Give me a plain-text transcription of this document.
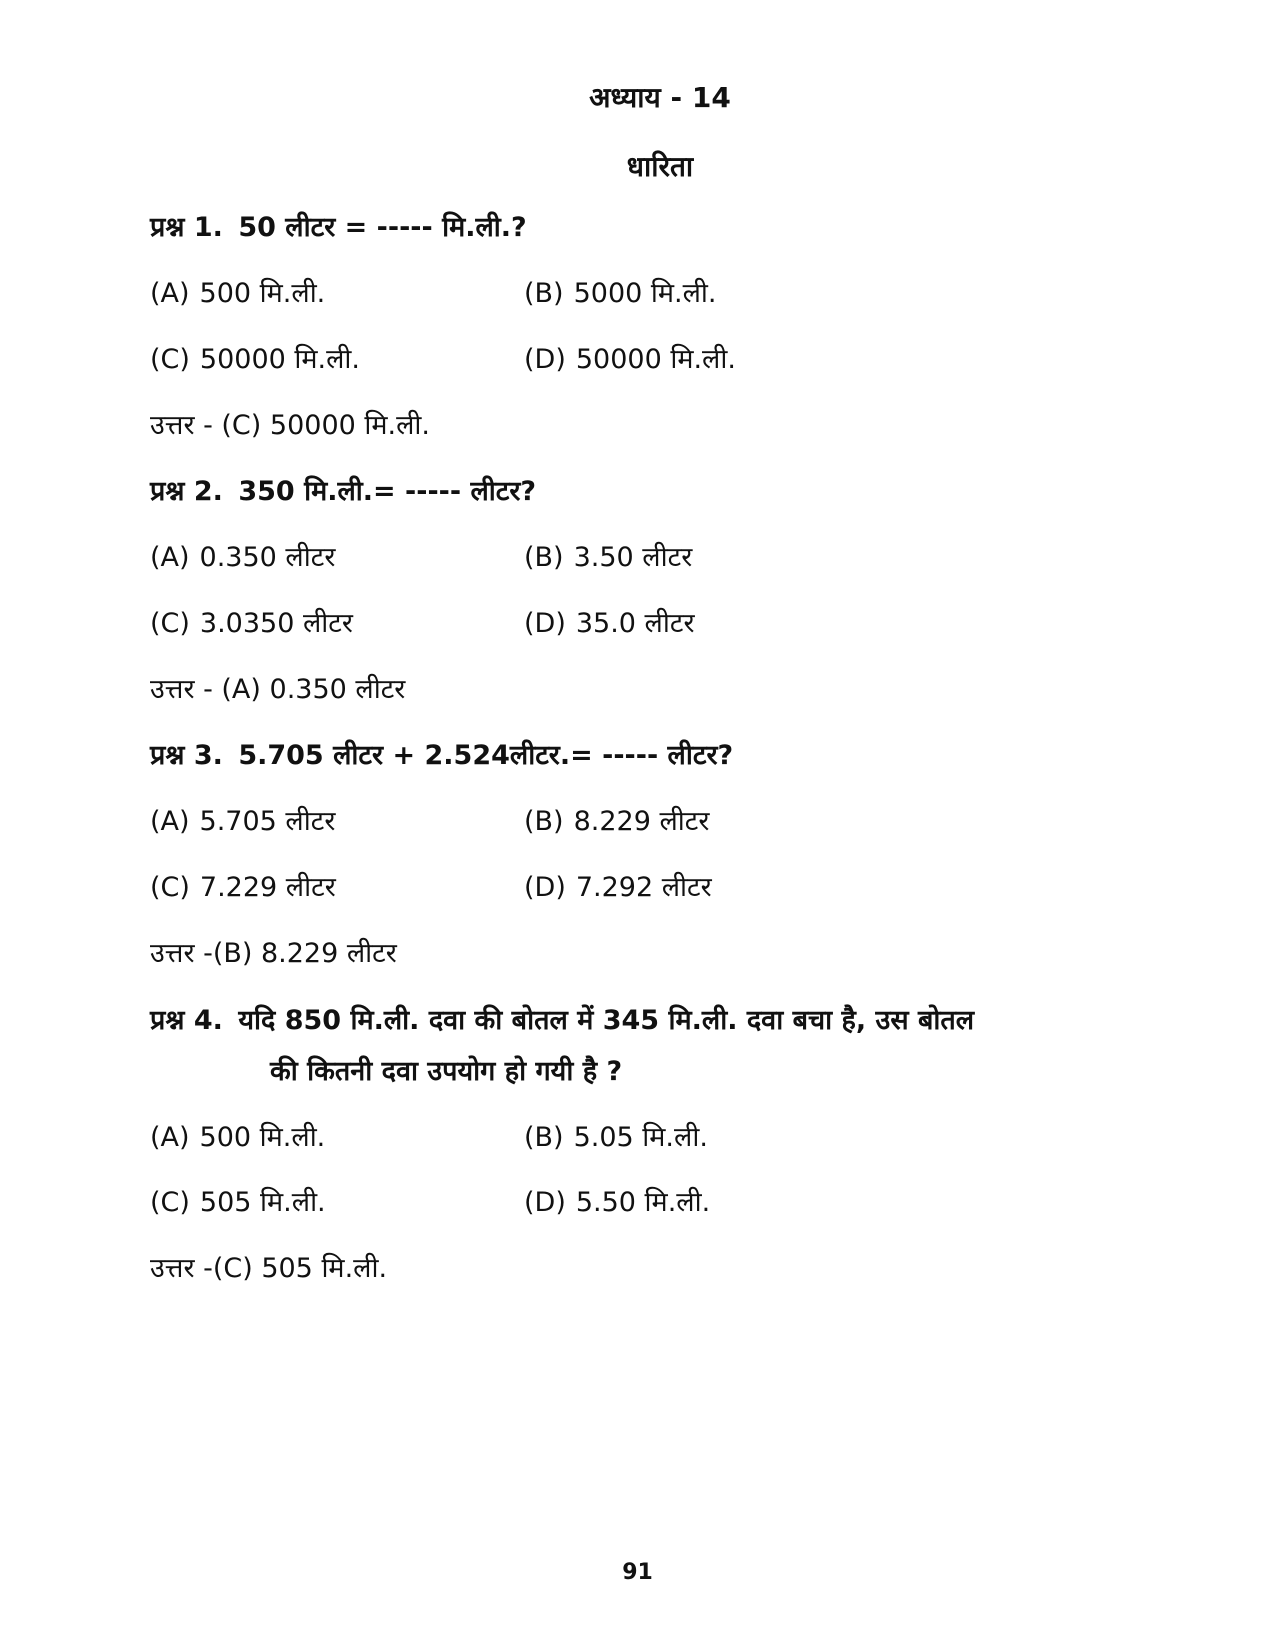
अध्याय - 14
धारिता
प्रश्न 1. 50 लीटर = ----- मि.ली.?
(A) 500 मि.ली.	(B) 5000 मि.ली.
(C) 50000 मि.ली.	(D) 50000 मि.ली.
उत्तर - (C) 50000 मि.ली.
प्रश्न 2. 350 मि.ली.= ----- लीटर?
(A) 0.350 लीटर	(B) 3.50 लीटर
(C) 3.0350 लीटर	(D) 35.0 लीटर
उत्तर - (A) 0.350 लीटर
प्रश्न 3. 5.705 लीटर + 2.524लीटर.= ----- लीटर?
(A) 5.705 लीटर	(B) 8.229 लीटर
(C) 7.229 लीटर	(D) 7.292 लीटर
उत्तर -(B) 8.229 लीटर
प्रश्न 4. यदि 850 मि.ली. दवा की बोतल में 345 मि.ली. दवा बचा है, उस बोतल
की कितनी दवा उपयोग हो गयी है ?
(A) 500 मि.ली.	(B) 5.05 मि.ली.
(C) 505 मि.ली.	(D) 5.50 मि.ली.
उत्तर -(C) 505 मि.ली.
91
